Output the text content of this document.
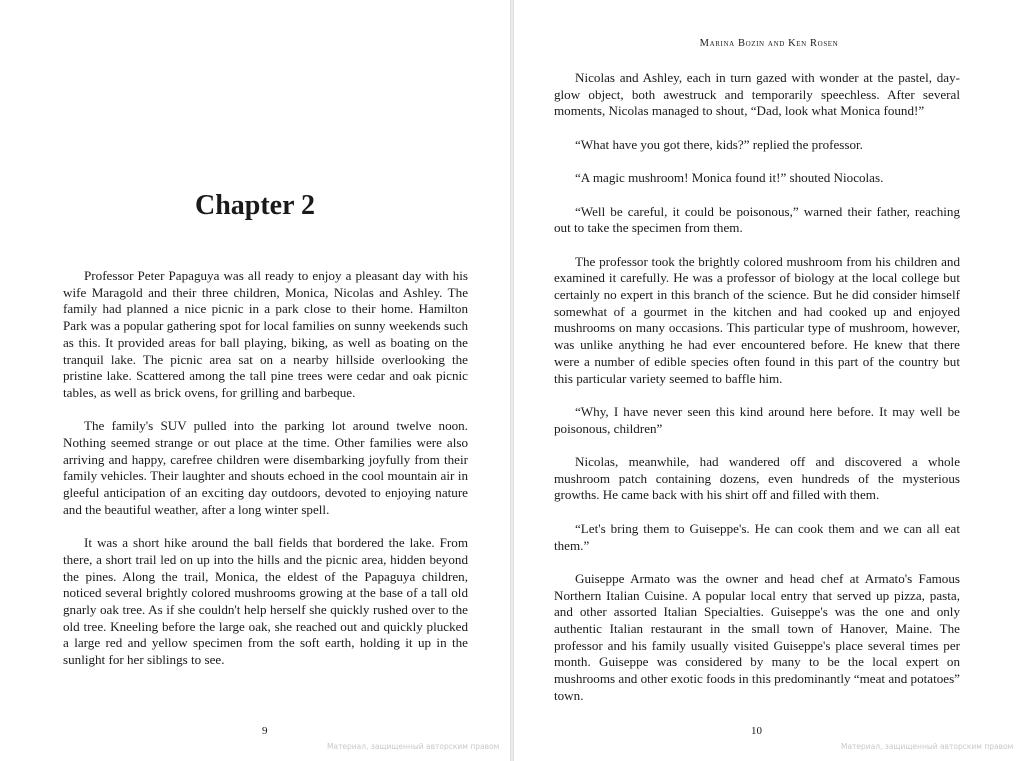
Chapter 2

Professor Peter Papaguya was all ready to enjoy a pleasant day with his wife Maragold and their three children, Monica, Nicolas and Ashley. The family had planned a nice picnic in a park close to their home. Hamilton Park was a popular gathering spot for local families on sunny weekends such as this. It provided areas for ball playing, biking, as well as boating on the tranquil lake. The picnic area sat on a nearby hillside overlooking the pristine lake. Scattered among the tall pine trees were cedar and oak picnic tables, as well as brick ovens, for grilling and barbeque.

The family's SUV pulled into the parking lot around twelve noon. Nothing seemed strange or out place at the time. Other families were also arriving and happy, carefree children were disembarking joyfully from their family vehicles. Their laughter and shouts echoed in the cool mountain air in gleeful anticipation of an exciting day outdoors, devoted to enjoying nature and the beautiful weather, after a long winter spell.

It was a short hike around the ball fields that bordered the lake. From there, a short trail led on up into the hills and the picnic area, hidden beyond the pines. Along the trail, Monica, the eldest of the Papaguya children, noticed several brightly colored mushrooms growing at the base of a tall old gnarly oak tree. As if she couldn't help herself she quickly rushed over to the old tree. Kneeling before the large oak, she reached out and quickly plucked a large red and yellow specimen from the soft earth, holding it up in the sunlight for her siblings to see.

9
Материал, защищенный авторским правом
Marina Bozin and Ken Rosen

Nicolas and Ashley, each in turn gazed with wonder at the pastel, day-glow object, both awestruck and temporarily speechless. After several moments, Nicolas managed to shout, “Dad, look what Monica found!”

“What have you got there, kids?” replied the professor.

“A magic mushroom! Monica found it!” shouted Niocolas.

“Well be careful, it could be poisonous,” warned their father, reaching out to take the specimen from them.

The professor took the brightly colored mushroom from his children and examined it carefully. He was a professor of biology at the local college but certainly no expert in this branch of the science. But he did consider himself somewhat of a gourmet in the kitchen and had cooked up and enjoyed mushrooms on many occasions. This particular type of mushroom, however, was unlike anything he had ever encountered before. He knew that there were a number of edible species often found in this part of the country but this particular variety seemed to baffle him.

“Why, I have never seen this kind around here before. It may well be poisonous, children”

Nicolas, meanwhile, had wandered off and discovered a whole mushroom patch containing dozens, even hundreds of the mysterious growths. He came back with his shirt off and filled with them.

“Let's bring them to Guiseppe's. He can cook them and we can all eat them.”

Guiseppe Armato was the owner and head chef at Armato's Famous Northern Italian Cuisine. A popular local entry that served up pizza, pasta, and other assorted Italian Specialties. Guiseppe's was the one and only authentic Italian restaurant in the small town of Hanover, Maine. The professor and his family usually visited Guiseppe's place several times per month. Guiseppe was considered by many to be the local expert on mushrooms and other exotic foods in this predominantly “meat and potatoes” town.

10
Материал, защищенный авторским правом
